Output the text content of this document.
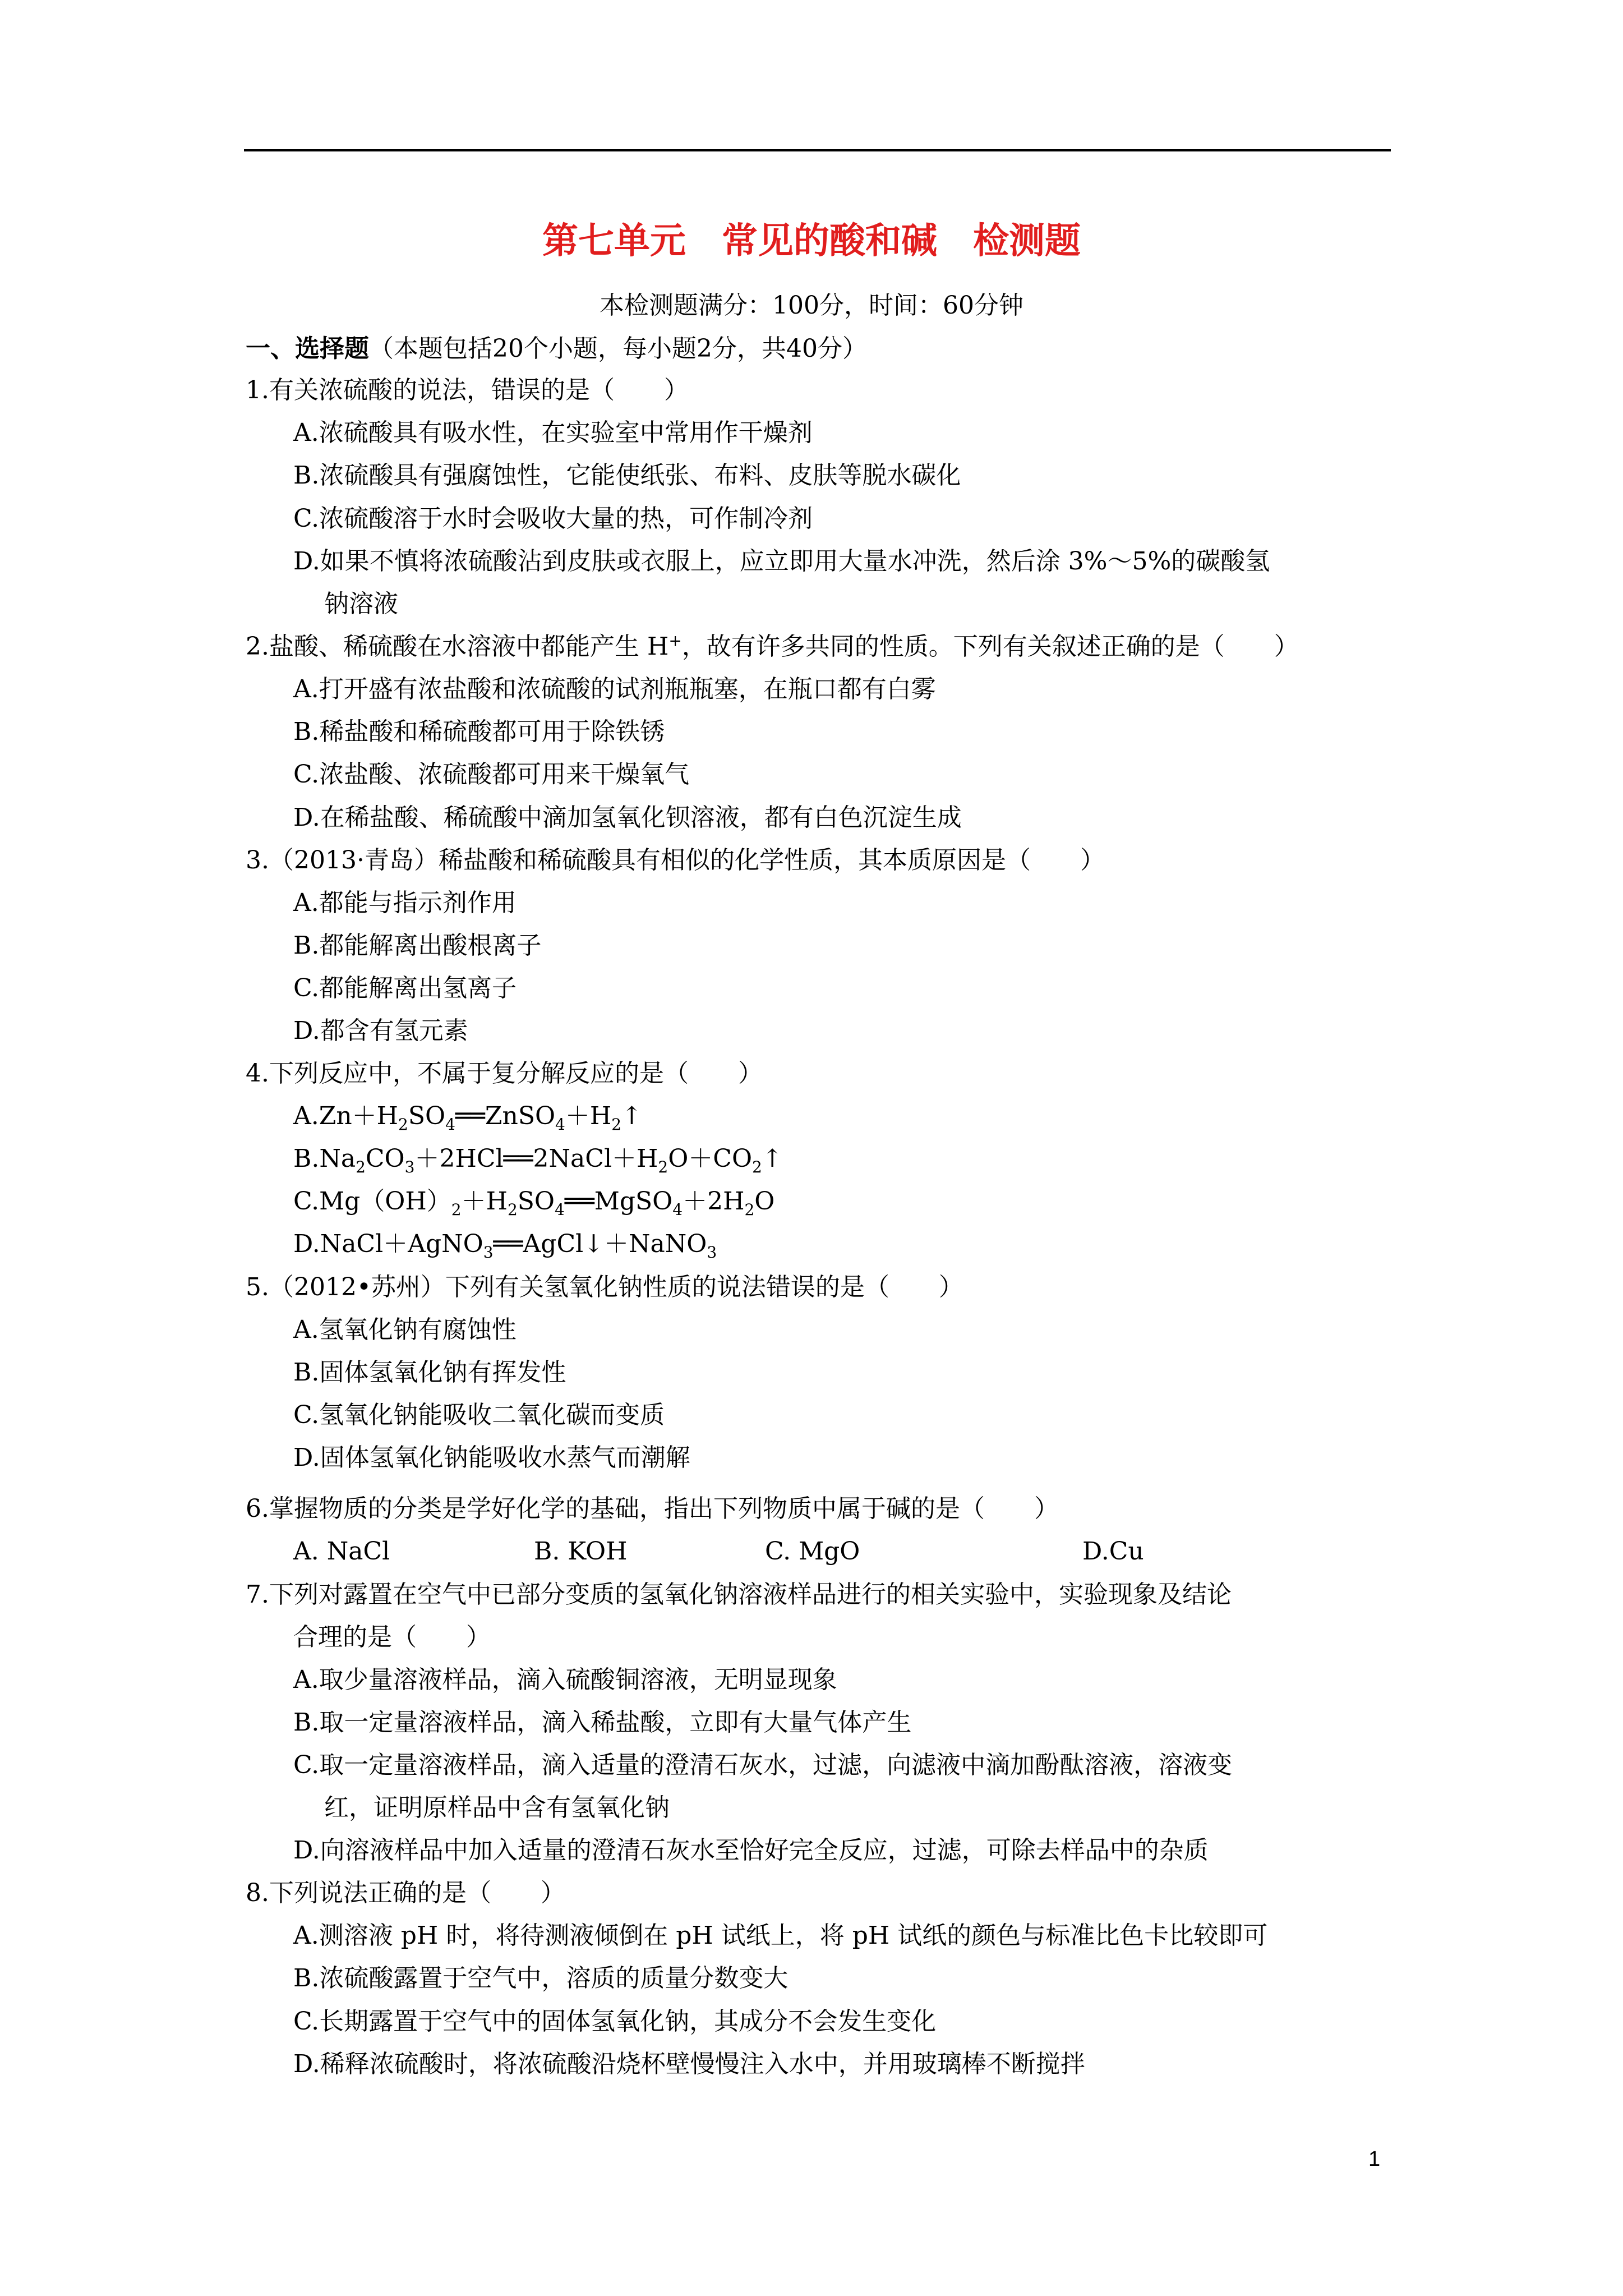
第七单元　常见的酸和碱　检测题
本检测题满分：100分，时间：60分钟
一、选择题（本题包括20个小题，每小题2分，共40分）
1.有关浓硫酸的说法，错误的是（　　）
A.浓硫酸具有吸水性，在实验室中常用作干燥剂
B.浓硫酸具有强腐蚀性，它能使纸张、布料、皮肤等脱水碳化
C.浓硫酸溶于水时会吸收大量的热，可作制冷剂
D.如果不慎将浓硫酸沾到皮肤或衣服上，应立即用大量水冲洗，然后涂 3%～5%的碳酸氢
钠溶液
2.盐酸、稀硫酸在水溶液中都能产生 H+，故有许多共同的性质。下列有关叙述正确的是（　　）
A.打开盛有浓盐酸和浓硫酸的试剂瓶瓶塞，在瓶口都有白雾
B.稀盐酸和稀硫酸都可用于除铁锈
C.浓盐酸、浓硫酸都可用来干燥氧气
D.在稀盐酸、稀硫酸中滴加氢氧化钡溶液，都有白色沉淀生成
3.（2013·青岛）稀盐酸和稀硫酸具有相似的化学性质，其本质原因是（　　）
A.都能与指示剂作用
B.都能解离出酸根离子
C.都能解离出氢离子
D.都含有氢元素
4.下列反应中，不属于复分解反应的是（　　）
$A.Zn+H_2SO_4══ZnSO_4+H_2↑$
$B.Na_2CO_3+2HCl══2NaCl+H_2O+CO_2↑$
$C.Mg(OH)_2+H_2SO_4══MgSO_4+2H_2O$
D.NaCl＋AgNO$_3$══AgCl↓＋NaNO$_3$
5.（2012•苏州）下列有关氢氧化钠性质的说法错误的是（　　）
A.氢氧化钠有腐蚀性
B.固体氢氧化钠有挥发性
C.氢氧化钠能吸收二氧化碳而变质
D.固体氢氧化钠能吸收水蒸气而潮解
6.掌握物质的分类是学好化学的基础，指出下列物质中属于碱的是（　　）
A. NaCl	B. KOH	C. MgO	D.Cu
7.下列对露置在空气中已部分变质的氢氧化钠溶液样品进行的相关实验中，实验现象及结论
合理的是（　　）
A.取少量溶液样品，滴入硫酸铜溶液，无明显现象
B.取一定量溶液样品，滴入稀盐酸，立即有大量气体产生
C.取一定量溶液样品，滴入适量的澄清石灰水，过滤，向滤液中滴加酚酞溶液，溶液变
红，证明原样品中含有氢氧化钠
D.向溶液样品中加入适量的澄清石灰水至恰好完全反应，过滤，可除去样品中的杂质
8.下列说法正确的是（　　）
A.测溶液 pH 时，将待测液倾倒在 pH 试纸上，将 pH 试纸的颜色与标准比色卡比较即可
B.浓硫酸露置于空气中，溶质的质量分数变大
C.长期露置于空气中的固体氢氧化钠，其成分不会发生变化
D.稀释浓硫酸时，将浓硫酸沿烧杯壁慢慢注入水中，并用玻璃棒不断搅拌
1
